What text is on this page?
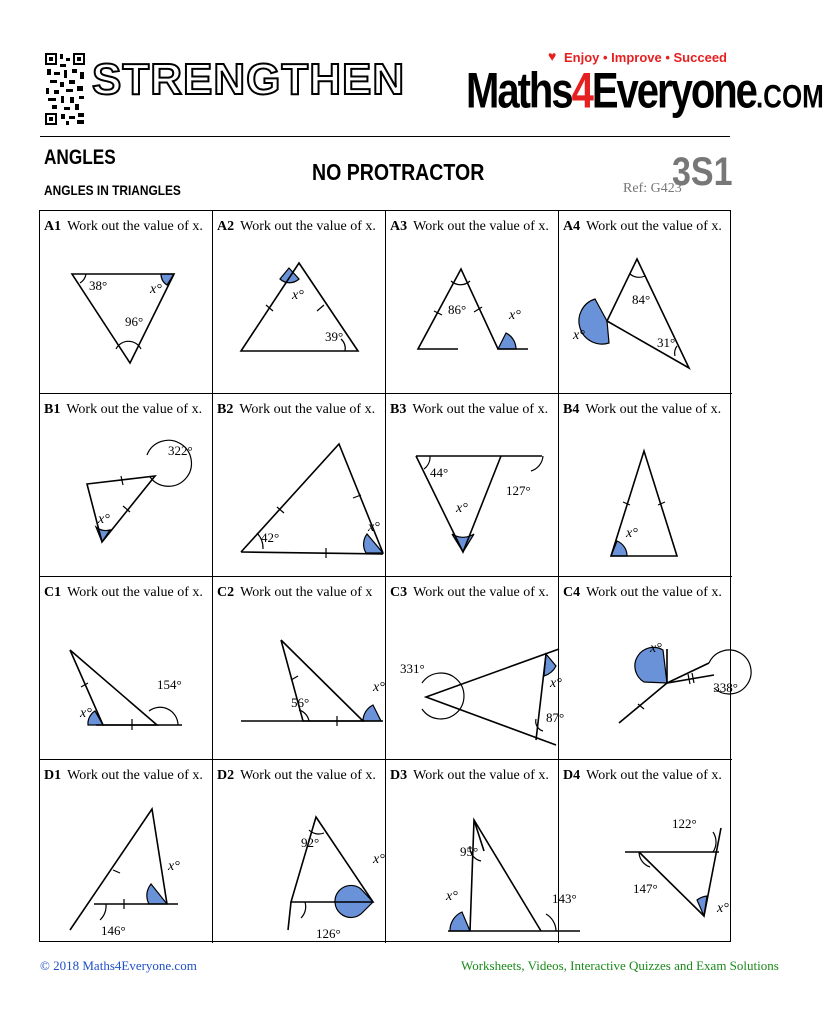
STRENGTHEN	♥ Enjoy • Improve • Succeed
Maths4Everyone.COM
ANGLES
ANGLES IN TRIANGLES
NO PROTRACTOR
Ref: G423
3S1
A1 Work out the value of x.
38°	x°
96°
A2 Work out the value of x.
x°
39°
A3 Work out the value of x.
86°	x°
A4 Work out the value of x.
84°
x°	31°
B1 Work out the value of x.
322°
x°
B2 Work out the value of x.
42°
x°
B3 Work out the value of x.
44°
127°
x°
B4 Work out the value of x.
x°
C1 Work out the value of x.
154°
x°
C2 Work out the value of x
x°
56°
C3 Work out the value of x.
331°
x°
87°
C4 Work out the value of x.
x°
338°
D1 Work out the value of x.
x°
146°
D2 Work out the value of x.
92°
x°
126°
D3 Work out the value of x.
95°
x°	143°
D4 Work out the value of x.
122°
147°
x°
© 2018 Maths4Everyone.com	Worksheets, Videos, Interactive Quizzes and Exam Solutions
